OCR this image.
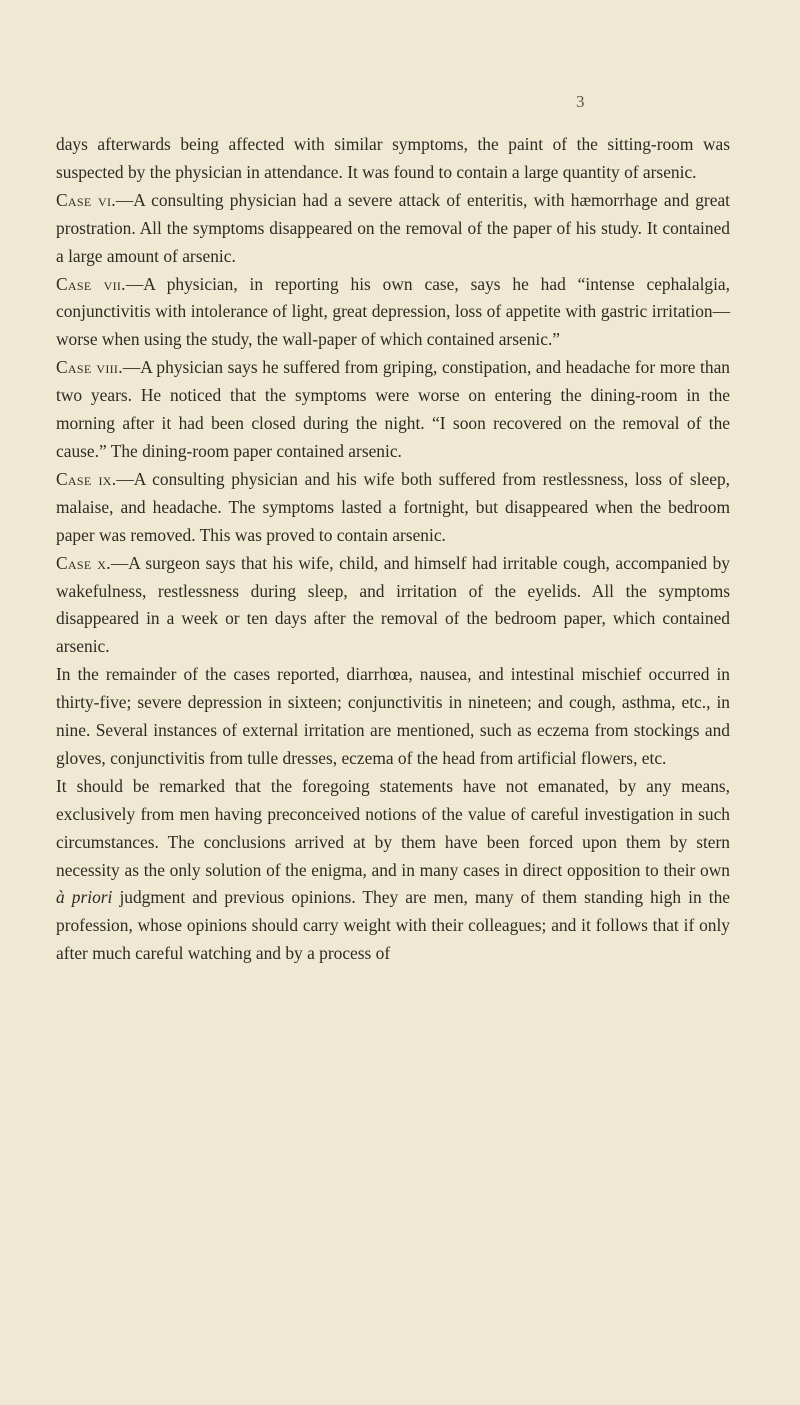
3

days afterwards being affected with similar symptoms, the paint of the sitting-room was suspected by the physician in attendance. It was found to contain a large quantity of arsenic.

Case vi.—A consulting physician had a severe attack of enteritis, with hæmorrhage and great prostration. All the symptoms disappeared on the removal of the paper of his study. It contained a large amount of arsenic.

Case vii.—A physician, in reporting his own case, says he had “intense cephalalgia, conjunctivitis with intolerance of light, great depression, loss of appetite with gastric irritation—worse when using the study, the wall-paper of which contained arsenic.”

Case viii.—A physician says he suffered from griping, constipation, and headache for more than two years. He noticed that the symptoms were worse on entering the dining-room in the morning after it had been closed during the night. “I soon recovered on the removal of the cause.” The dining-room paper contained arsenic.

Case ix.—A consulting physician and his wife both suffered from restlessness, loss of sleep, malaise, and headache. The symptoms lasted a fortnight, but disappeared when the bedroom paper was removed. This was proved to contain arsenic.

Case x.—A surgeon says that his wife, child, and himself had irritable cough, accompanied by wakefulness, restlessness during sleep, and irritation of the eyelids. All the symptoms disappeared in a week or ten days after the removal of the bedroom paper, which contained arsenic.

In the remainder of the cases reported, diarrhœa, nausea, and intestinal mischief occurred in thirty-five; severe depression in sixteen; conjunctivitis in nineteen; and cough, asthma, etc., in nine. Several instances of external irritation are mentioned, such as eczema from stockings and gloves, conjunctivitis from tulle dresses, eczema of the head from artificial flowers, etc.

It should be remarked that the foregoing statements have not emanated, by any means, exclusively from men having preconceived notions of the value of careful investigation in such circumstances. The conclusions arrived at by them have been forced upon them by stern necessity as the only solution of the enigma, and in many cases in direct opposition to their own à priori judgment and previous opinions. They are men, many of them standing high in the profession, whose opinions should carry weight with their colleagues; and it follows that if only after much careful watching and by a process of
